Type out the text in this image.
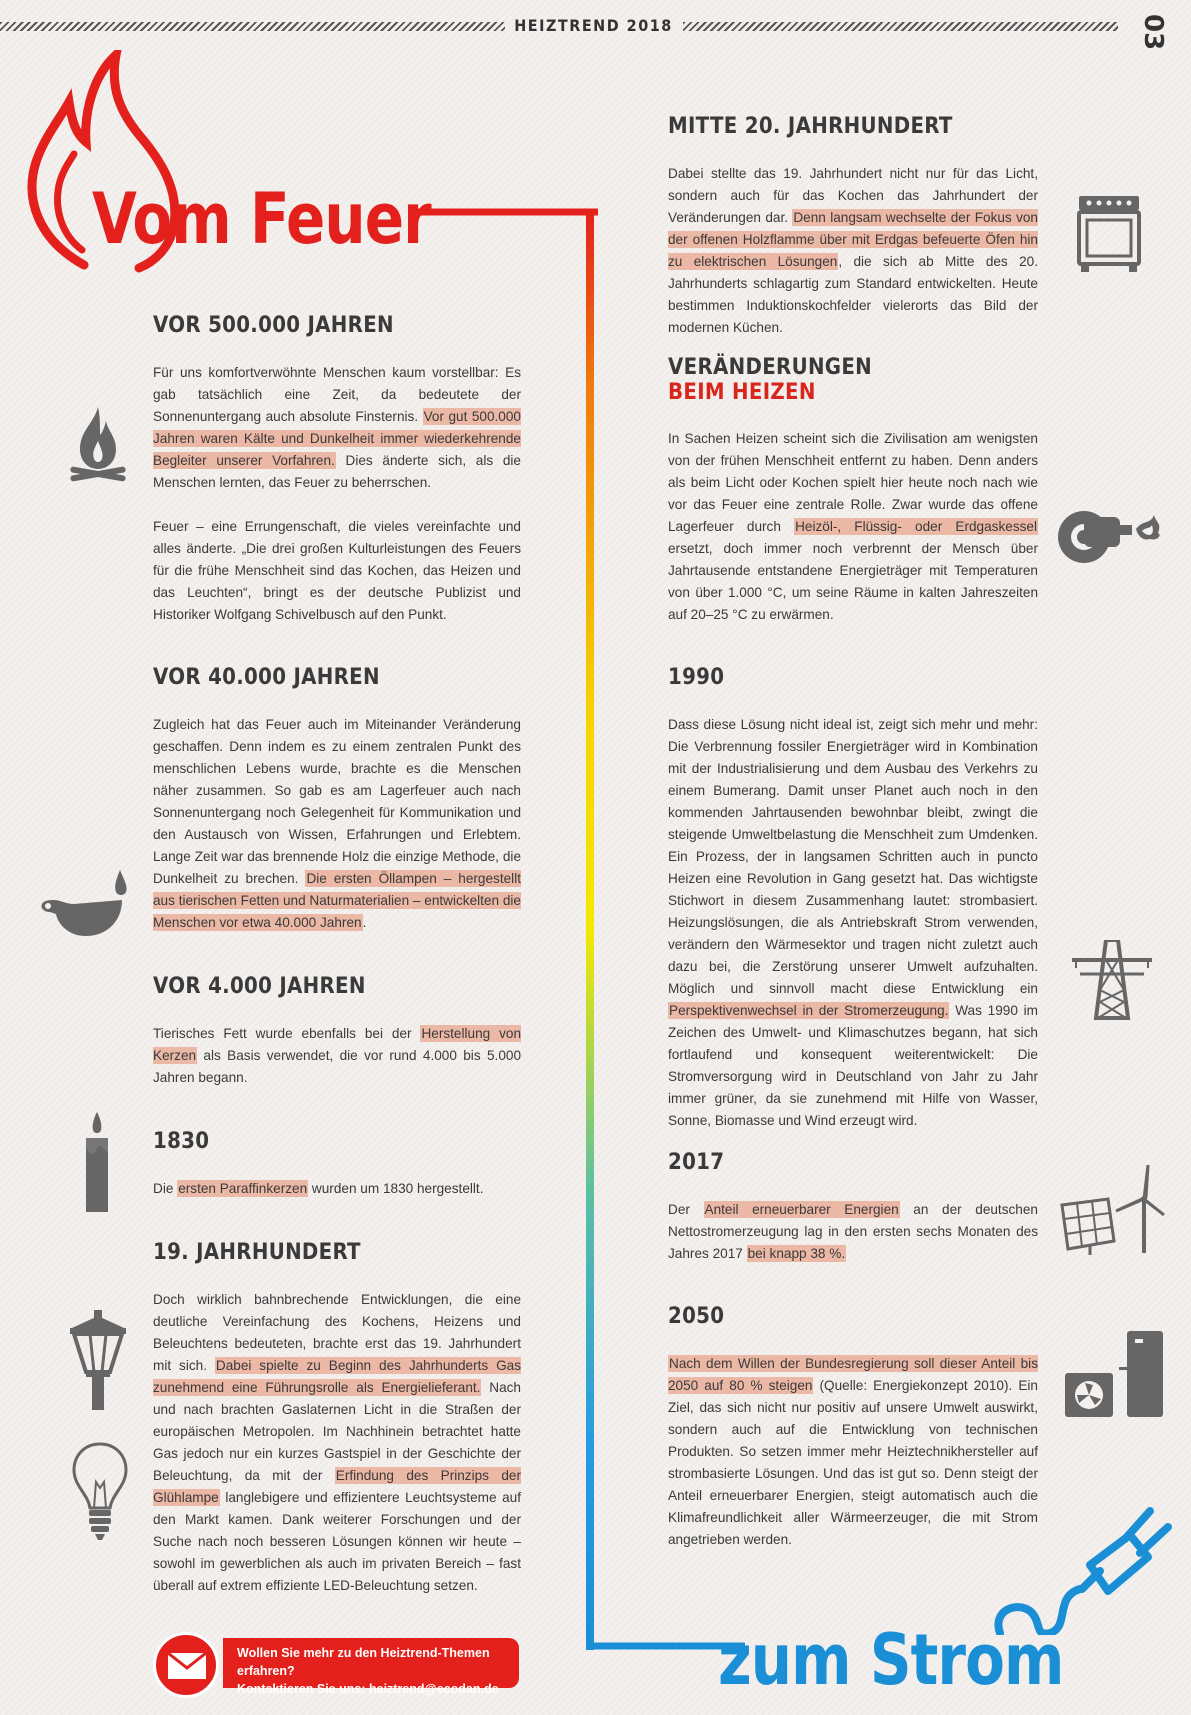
HEIZTREND 2018	03
Vom Feuer
VOR 500.000 JAHREN

Für uns komfortverwöhnte Menschen kaum vorstellbar: Es gab tatsächlich eine Zeit, da bedeutete der Sonnenuntergang auch absolute Finsternis. Vor gut 500.000 Jahren waren Kälte und Dunkelheit immer wiederkehrende Begleiter unserer Vorfahren. Dies änderte sich, als die Menschen lernten, das Feuer zu beherrschen.

Feuer – eine Errungenschaft, die vieles vereinfachte und alles änderte. „Die drei großen Kulturleistungen des Feuers für die frühe Menschheit sind das Kochen, das Heizen und das Leuchten“, bringt es der deutsche Publizist und Historiker Wolfgang Schivelbusch auf den Punkt.

VOR 40.000 JAHREN

Zugleich hat das Feuer auch im Miteinander Veränderung geschaffen. Denn indem es zu einem zentralen Punkt des menschlichen Lebens wurde, brachte es die Menschen näher zusammen. So gab es am Lagerfeuer auch nach Sonnenuntergang noch Gelegenheit für Kommunikation und den Austausch von Wissen, Erfahrungen und Erlebtem. Lange Zeit war das brennende Holz die einzige Methode, die Dunkelheit zu brechen. Die ersten Öllampen – hergestellt aus tierischen Fetten und Naturmaterialien – entwickelten die Menschen vor etwa 40.000 Jahren.

VOR 4.000 JAHREN

Tierisches Fett wurde ebenfalls bei der Herstellung von Kerzen als Basis verwendet, die vor rund 4.000 bis 5.000 Jahren begann.

1830

Die ersten Paraffinkerzen wurden um 1830 hergestellt.

19. JAHRHUNDERT

Doch wirklich bahnbrechende Entwicklungen, die eine deutliche Vereinfachung des Kochens, Heizens und Beleuchtens bedeuteten, brachte erst das 19. Jahrhundert mit sich. Dabei spielte zu Beginn des Jahrhunderts Gas zunehmend eine Führungsrolle als Energielieferant. Nach und nach brachten Gaslaternen Licht in die Straßen der europäischen Metropolen. Im Nachhinein betrachtet hatte Gas jedoch nur ein kurzes Gastspiel in der Geschichte der Beleuchtung, da mit der Erfindung des Prinzips der Glühlampe langlebigere und effizientere Leuchtsysteme auf den Markt kamen. Dank weiterer Forschungen und der Suche nach noch besseren Lösungen können wir heute – sowohl im gewerblichen als auch im privaten Bereich – fast überall auf extrem effiziente LED-Beleuchtung setzen.

MITTE 20. JAHRHUNDERT

Dabei stellte das 19. Jahrhundert nicht nur für das Licht, sondern auch für das Kochen das Jahrhundert der Veränderungen dar. Denn langsam wechselte der Fokus von der offenen Holzflamme über mit Erdgas befeuerte Öfen hin zu elektrischen Lösungen, die sich ab Mitte des 20. Jahrhunderts schlagartig zum Standard entwickelten. Heute bestimmen Induktionskochfelder vielerorts das Bild der modernen Küchen.

VERÄNDERUNGEN
BEIM HEIZEN

In Sachen Heizen scheint sich die Zivilisation am wenigsten von der frühen Menschheit entfernt zu haben. Denn anders als beim Licht oder Kochen spielt hier heute noch nach wie vor das Feuer eine zentrale Rolle. Zwar wurde das offene Lagerfeuer durch Heizöl-, Flüssig- oder Erdgaskessel ersetzt, doch immer noch verbrennt der Mensch über Jahrtausende entstandene Energieträger mit Temperaturen von über 1.000 °C, um seine Räume in kalten Jahreszeiten auf 20–25 °C zu erwärmen.

1990

Dass diese Lösung nicht ideal ist, zeigt sich mehr und mehr: Die Verbrennung fossiler Energieträger wird in Kombination mit der Industrialisierung und dem Ausbau des Verkehrs zu einem Bumerang. Damit unser Planet auch noch in den kommenden Jahrtausenden bewohnbar bleibt, zwingt die steigende Umweltbelastung die Menschheit zum Umdenken. Ein Prozess, der in langsamen Schritten auch in puncto Heizen eine Revolution in Gang gesetzt hat. Das wichtigste Stichwort in diesem Zusammenhang lautet: strombasiert. Heizungslösungen, die als Antriebskraft Strom verwenden, verändern den Wärmesektor und tragen nicht zuletzt auch dazu bei, die Zerstörung unserer Umwelt aufzuhalten. Möglich und sinnvoll macht diese Entwicklung ein Perspektivenwechsel in der Stromerzeugung. Was 1990 im Zeichen des Umwelt- und Klimaschutzes begann, hat sich fortlaufend und konsequent weiterentwickelt: Die Stromversorgung wird in Deutschland von Jahr zu Jahr immer grüner, da sie zunehmend mit Hilfe von Wasser, Sonne, Biomasse und Wind erzeugt wird.

2017

Der Anteil erneuerbarer Energien an der deutschen Nettostromerzeugung lag in den ersten sechs Monaten des Jahres 2017 bei knapp 38 %.

2050

Nach dem Willen der Bundesregierung soll dieser Anteil bis 2050 auf 80 % steigen (Quelle: Energiekonzept 2010). Ein Ziel, das sich nicht nur positiv auf unsere Umwelt auswirkt, sondern auch auf die Entwicklung von technischen Produkten. So setzen immer mehr Heiztechnikhersteller auf strombasierte Lösungen. Und das ist gut so. Denn steigt der Anteil erneuerbarer Energien, steigt automatisch auch die Klimafreundlichkeit aller Wärmeerzeuger, die mit Strom angetrieben werden.

zum Strom
Wollen Sie mehr zu den Heiztrend-Themen erfahren?
Kontaktieren Sie uns: heiztrend@ecodan.de
